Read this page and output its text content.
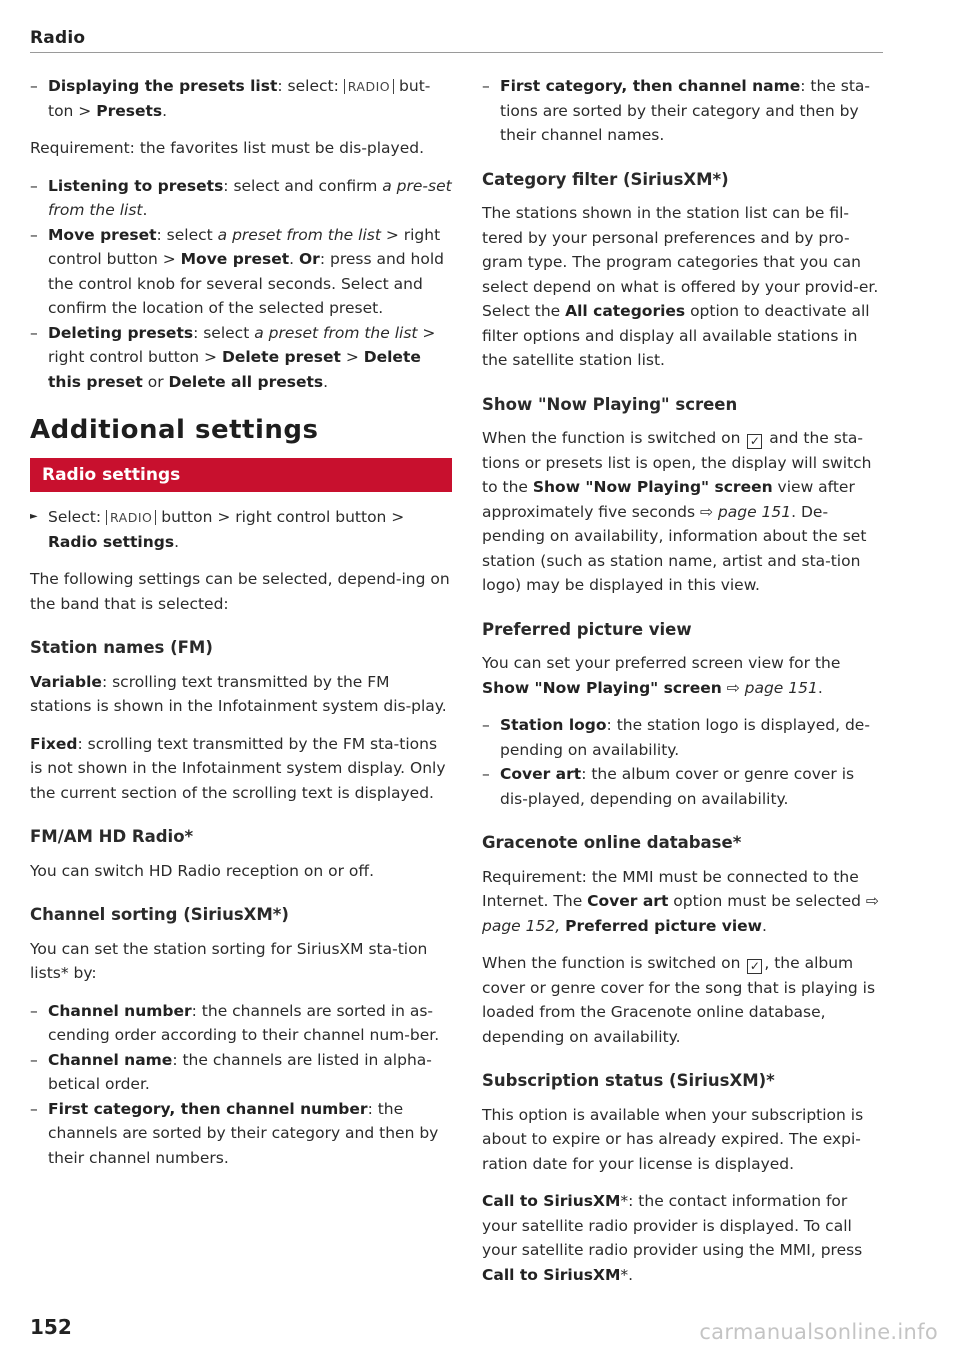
Radio
– Displaying the presets list: select: RADIO but-
ton > Presets.

Requirement: the favorites list must be dis-played.

– Listening to presets: select and confirm a pre-set from the list.
– Move preset: select a preset from the list > right control button > Move preset. Or: press and hold the control knob for several seconds. Select and confirm the location of the selected preset.
– Deleting presets: select a preset from the list > right control button > Delete preset > Delete this preset or Delete all presets.
Additional settings
Radio settings
► Select: RADIO button > right control button > Radio settings.

The following settings can be selected, depend-ing on the band that is selected:

Station names (FM)

Variable: scrolling text transmitted by the FM stations is shown in the Infotainment system dis-play.

Fixed: scrolling text transmitted by the FM sta-tions is not shown in the Infotainment system display. Only the current section of the scrolling text is displayed.

FM/AM HD Radio*

You can switch HD Radio reception on or off.

Channel sorting (SiriusXM*)

You can set the station sorting for SiriusXM sta-tion lists* by:

– Channel number: the channels are sorted in as-cending order according to their channel num-ber.
– Channel name: the channels are listed in alpha-betical order.
– First category, then channel number: the channels are sorted by their category and then by their channel numbers.
– First category, then channel name: the sta-tions are sorted by their category and then by their channel names.
Category filter (SiriusXM*)

The stations shown in the station list can be fil-tered by your personal preferences and by pro-gram type. The program categories that you can select depend on what is offered by your provid-er. Select the All categories option to deactivate all filter options and display all available stations in the satellite station list.

Show "Now Playing" screen

When the function is switched on ✓ and the sta-tions or presets list is open, the display will switch to the Show "Now Playing" screen view after approximately five seconds ⇨ page 151. De-pending on availability, information about the set station (such as station name, artist and sta-tion logo) may be displayed in this view.

Preferred picture view

You can set your preferred screen view for the Show "Now Playing" screen ⇨ page 151.

– Station logo: the station logo is displayed, de-pending on availability.
– Cover art: the album cover or genre cover is dis-played, depending on availability.
Gracenote online database*

Requirement: the MMI must be connected to the Internet. The Cover art option must be selected ⇨ page 152, Preferred picture view.

When the function is switched on ✓ , the album cover or genre cover for the song that is playing is loaded from the Gracenote online database, depending on availability.

Subscription status (SiriusXM)*

This option is available when your subscription is about to expire or has already expired. The expi-ration date for your license is displayed.

Call to SiriusXM*: the contact information for your satellite radio provider is displayed. To call your satellite radio provider using the MMI, press Call to SiriusXM*.

152	carmanualsonline.info
